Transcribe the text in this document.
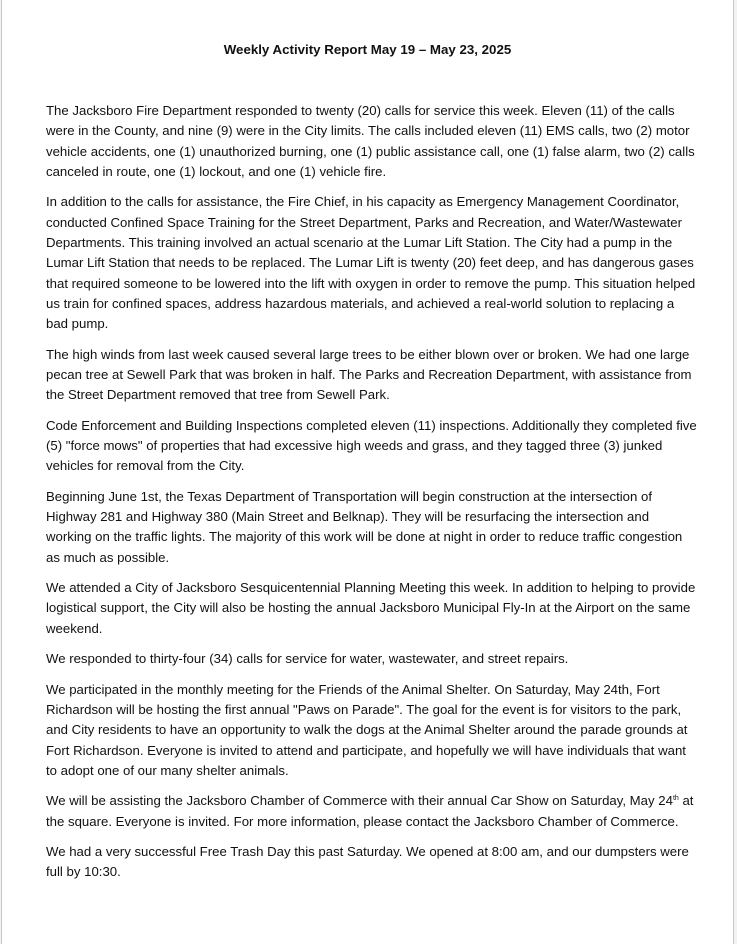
Weekly Activity Report May 19 – May 23, 2025

The Jacksboro Fire Department responded to twenty (20) calls for service this week. Eleven (11) of the calls were in the County, and nine (9) were in the City limits. The calls included eleven (11) EMS calls, two (2) motor vehicle accidents, one (1) unauthorized burning, one (1) public assistance call, one (1) false alarm, two (2) calls canceled in route, one (1) lockout, and one (1) vehicle fire.

In addition to the calls for assistance, the Fire Chief, in his capacity as Emergency Management Coordinator, conducted Confined Space Training for the Street Department, Parks and Recreation, and Water/Wastewater Departments. This training involved an actual scenario at the Lumar Lift Station. The City had a pump in the Lumar Lift Station that needs to be replaced. The Lumar Lift is twenty (20) feet deep, and has dangerous gases that required someone to be lowered into the lift with oxygen in order to remove the pump. This situation helped us train for confined spaces, address hazardous materials, and achieved a real-world solution to replacing a bad pump.

The high winds from last week caused several large trees to be either blown over or broken. We had one large pecan tree at Sewell Park that was broken in half. The Parks and Recreation Department, with assistance from the Street Department removed that tree from Sewell Park.

Code Enforcement and Building Inspections completed eleven (11) inspections. Additionally they completed five (5) "force mows" of properties that had excessive high weeds and grass, and they tagged three (3) junked vehicles for removal from the City.

Beginning June 1st, the Texas Department of Transportation will begin construction at the intersection of Highway 281 and Highway 380 (Main Street and Belknap). They will be resurfacing the intersection and working on the traffic lights. The majority of this work will be done at night in order to reduce traffic congestion as much as possible.

We attended a City of Jacksboro Sesquicentennial Planning Meeting this week. In addition to helping to provide logistical support, the City will also be hosting the annual Jacksboro Municipal Fly-In at the Airport on the same weekend.

We responded to thirty-four (34) calls for service for water, wastewater, and street repairs.

We participated in the monthly meeting for the Friends of the Animal Shelter. On Saturday, May 24th, Fort Richardson will be hosting the first annual "Paws on Parade". The goal for the event is for visitors to the park, and City residents to have an opportunity to walk the dogs at the Animal Shelter around the parade grounds at Fort Richardson. Everyone is invited to attend and participate, and hopefully we will have individuals that want to adopt one of our many shelter animals.

We will be assisting the Jacksboro Chamber of Commerce with their annual Car Show on Saturday, May 24th at the square. Everyone is invited. For more information, please contact the Jacksboro Chamber of Commerce.

We had a very successful Free Trash Day this past Saturday. We opened at 8:00 am, and our dumpsters were full by 10:30.
